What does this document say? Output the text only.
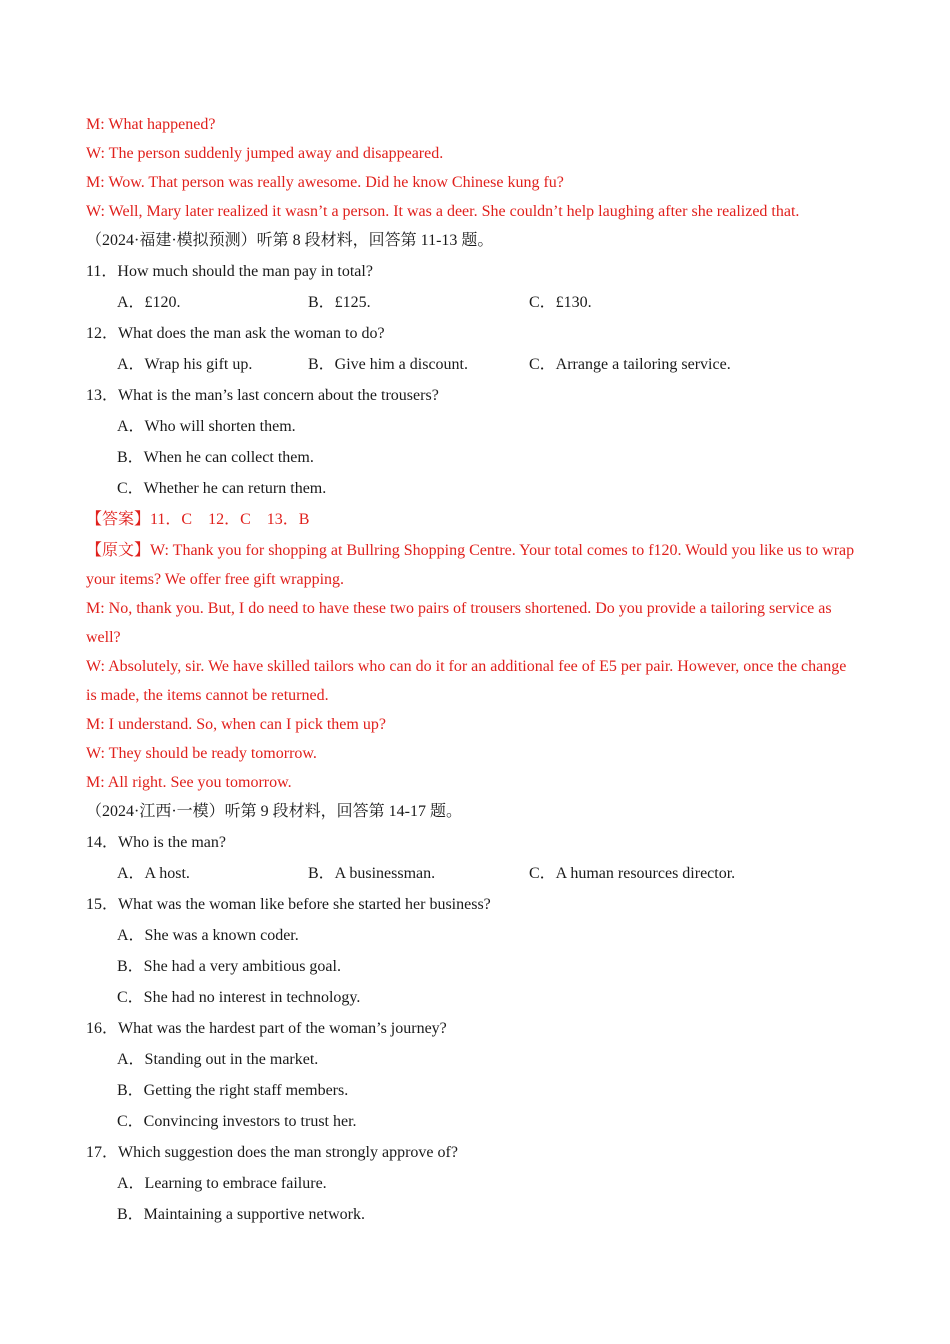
M: What happened?
W: The person suddenly jumped away and disappeared.
M: Wow. That person was really awesome. Did he know Chinese kung fu?
W: Well, Mary later realized it wasn’t a person. It was a deer. She couldn’t help laughing after she realized that.
（2024·福建·模拟预测）听第 8 段材料，回答第 11-13 题。
11．How much should the man pay in total?
A．£120.	B．£125.	C．£130.
12．What does the man ask the woman to do?
A．Wrap his gift up.	B．Give him a discount.	C．Arrange a tailoring service.
13．What is the man’s last concern about the trousers?
A．Who will shorten them.
B．When he can collect them.
C．Whether he can return them.
【答案】11．C　12．C　13．B
【原文】W: Thank you for shopping at Bullring Shopping Centre. Your total comes to f120. Would you like us to wrap your items? We offer free gift wrapping.
M: No, thank you. But, I do need to have these two pairs of trousers shortened. Do you provide a tailoring service as well?
W: Absolutely, sir. We have skilled tailors who can do it for an additional fee of E5 per pair. However, once the change is made, the items cannot be returned.
M: I understand. So, when can I pick them up?
W: They should be ready tomorrow.
M: All right. See you tomorrow.
（2024·江西·一模）听第 9 段材料，回答第 14-17 题。
14．Who is the man?
A．A host.	B．A businessman.	C．A human resources director.
15．What was the woman like before she started her business?
A．She was a known coder.
B．She had a very ambitious goal.
C．She had no interest in technology.
16．What was the hardest part of the woman’s journey?
A．Standing out in the market.
B．Getting the right staff members.
C．Convincing investors to trust her.
17．Which suggestion does the man strongly approve of?
A．Learning to embrace failure.
B．Maintaining a supportive network.
